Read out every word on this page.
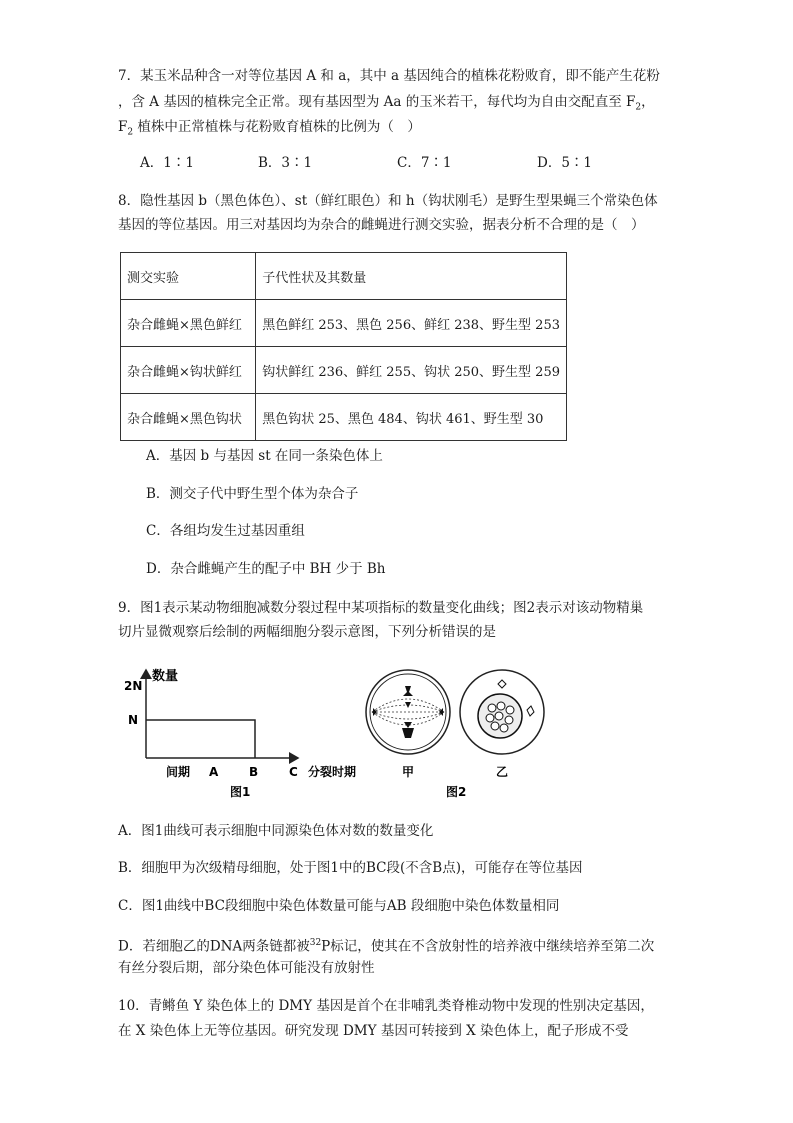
7．某玉米品种含一对等位基因 A 和 a，其中 a 基因纯合的植株花粉败育，即不能产生花粉
，含 A 基因的植株完全正常。现有基因型为 Aa 的玉米若干，每代均为自由交配直至 $F_2$，
$F_2$ 植株中正常植株与花粉败育植株的比例为（　）
A．1∶1	B．3∶1	C．7∶1	D．5∶1
8．隐性基因 b（黑色体色）、st（鲜红眼色）和 h（钩状刚毛）是野生型果蝇三个常染色体
基因的等位基因。用三对基因均为杂合的雌蝇进行测交实验，据表分析不合理的是（　）
测交实验	子代性状及其数量
杂合雌蝇×黑色鲜红	黑色鲜红 253、黑色 256、鲜红 238、野生型 253
杂合雌蝇×钩状鲜红	钩状鲜红 236、鲜红 255、钩状 250、野生型 259
杂合雌蝇×黑色钩状	黑色钩状 25、黑色 484、钩状 461、野生型 30
A．基因 b 与基因 st 在同一条染色体上
B．测交子代中野生型个体为杂合子
C．各组均发生过基因重组
D．杂合雌蝇产生的配子中 BH 少于 Bh
9．图1表示某动物细胞减数分裂过程中某项指标的数量变化曲线；图2表示对该动物精巢
切片显微观察后绘制的两幅细胞分裂示意图，下列分析错误的是
数量
2N
N
间期 A	B	C 分裂时期
图1
甲	乙
图2
A．图1曲线可表示细胞中同源染色体对数的数量变化
B．细胞甲为次级精母细胞，处于图1中的BC段(不含B点)，可能存在等位基因
C．图1曲线中BC段细胞中染色体数量可能与AB 段细胞中染色体数量相同
D．若细胞乙的DNA两条链都被$^{32}$P标记，使其在不含放射性的培养液中继续培养至第二次
有丝分裂后期，部分染色体可能没有放射性
10．青鳉鱼 Y 染色体上的 DMY 基因是首个在非哺乳类脊椎动物中发现的性别决定基因，
在 X 染色体上无等位基因。研究发现 DMY 基因可转接到 X 染色体上，配子形成不受
